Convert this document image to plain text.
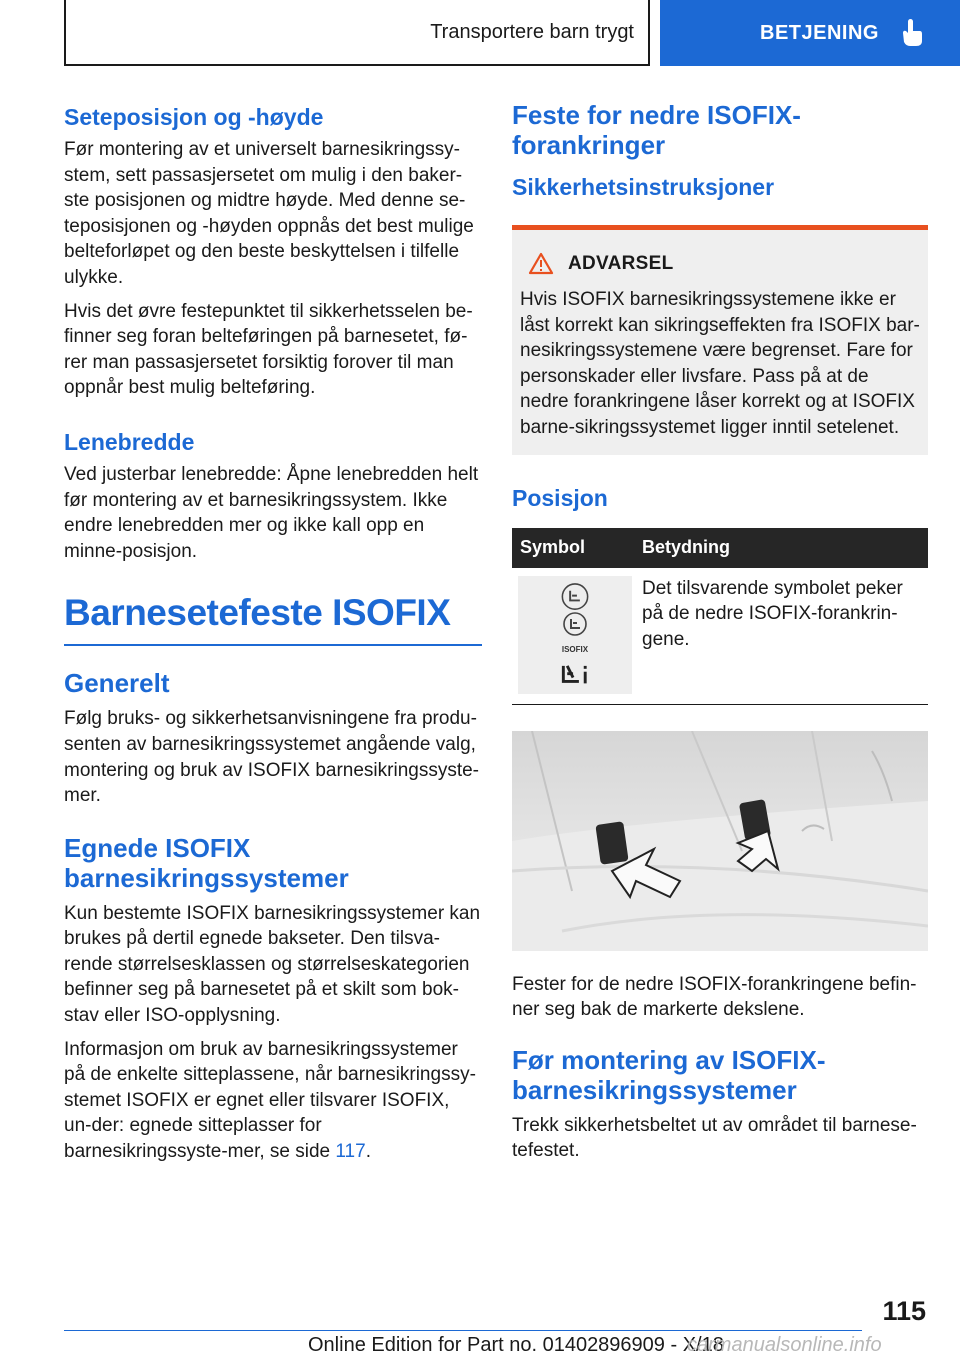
Transportere barn trygt	BETJENING
Seteposisjon og -høyde

Før montering av et universelt barnesikringssy-stem, sett passasjersetet om mulig i den baker-ste posisjonen og midtre høyde. Med denne se-teposisjonen og -høyden oppnås det best mulige belteforløpet og den beste beskyttelsen i tilfelle ulykke.

Hvis det øvre festepunktet til sikkerhetsselen be-finner seg foran belteføringen på barnesetet, fø-rer man passasjersetet forsiktig forover til man oppnår best mulig belteføring.

Lenebredde

Ved justerbar lenebredde: Åpne lenebredden helt før montering av et barnesikringssystem. Ikke endre lenebredden mer og ikke kall opp en minne-posisjon.

Barnesetefeste ISOFIX
Generelt

Følg bruks- og sikkerhetsanvisningene fra produ-senten av barnesikringssystemet angående valg, montering og bruk av ISOFIX barnesikringssyste-mer.

Egnede ISOFIX barnesikringssystemer

Kun bestemte ISOFIX barnesikringssystemer kan brukes på dertil egnede bakseter. Den tilsva-rende størrelsesklassen og størrelseskategorien befinner seg på barnesetet på et skilt som bok-stav eller ISO-opplysning.

Informasjon om bruk av barnesikringssystemer på de enkelte sitteplassene, når barnesikringssy-stemet ISOFIX er egnet eller tilsvarer ISOFIX, un-der: egnede sitteplasser for barnesikringssyste-mer, se side 117.

Feste for nedre ISOFIX-forankringer
Sikkerhetsinstruksjoner
ADVARSEL

Hvis ISOFIX barnesikringssystemene ikke er låst korrekt kan sikringseffekten fra ISOFIX bar-nesikringssystemene være begrenset. Fare for personskader eller livsfare. Pass på at de nedre forankringene låser korrekt og at ISOFIX barne-sikringssystemet ligger inntil setelenet.

Posisjon
Symbol	Betydning

ISOFIX	Det tilsvarende symbolet peker på de nedre ISOFIX-forankrin-gene.

Fester for de nedre ISOFIX-forankringene befin-ner seg bak de markerte dekslene.

Før montering av ISOFIX-barnesikringssystemer

Trekk sikkerhetsbeltet ut av området til barnese-tefestet.

115
Online Edition for Part no. 01402896909 - X/18
carmanualsonline.info
